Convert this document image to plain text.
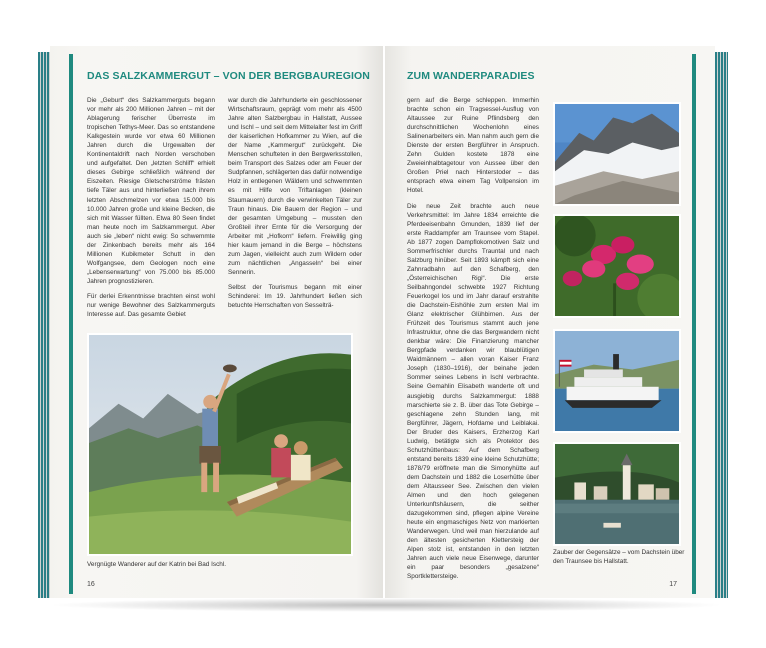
DAS SALZKAMMERGUT – VON DER BERGBAUREGION

Die „Geburt“ des Salzkammerguts begann vor mehr als 200 Millionen Jahren – mit der Ablagerung ferischer Überreste im tropischen Tethys-Meer. Das so entstandene Kalkgestein wurde vor etwa 60 Millionen Jahren durch die Urgewalten der Kontinentaldrift nach Norden verschoben und aufgefaltet. Den „letzten Schliff“ erhielt dieses Gebirge schließlich während der Eiszeiten. Riesige Gletscherströme frästen tiefe Täler aus und hinterließen nach ihrem letzten Abschmelzen vor etwa 15.000 bis 10.000 Jahren große und kleine Becken, die sich mit Wasser füllten. Etwa 80 Seen findet man heute noch im Salzkammergut. Aber auch sie „leben“ nicht ewig: So schwemmte der Zinkenbach bereits mehr als 164 Millionen Kubikmeter Schutt in den Wolfgangsee, dem Geologen noch eine „Lebenserwartung“ von 75.000 bis 85.000 Jahren prognostizieren.

Für derlei Erkenntnisse brachten einst wohl nur wenige Bewohner des Salzkammerguts Interesse auf. Das gesamte Gebiet

war durch die Jahrhunderte ein geschlossener Wirtschaftsraum, geprägt vom mehr als 4500 Jahre alten Salzbergbau in Hallstatt, Aussee und Ischl – und seit dem Mittelalter fest im Griff der kaiserlichen Hofkammer zu Wien, auf die der Name „Kammergut“ zurückgeht. Die Menschen schufteten in den Bergwerksstollen, beim Transport des Salzes oder am Feuer der Sudpfannen, schlägerten das dafür notwendige Holz in entlegenen Wäldern und schwemmten es mit Hilfe von Triftanlagen (kleinen Staumauern) durch die verwinkelten Täler zur Traun hinaus. Die Bauern der Region – und der gesamten Umgebung – mussten den Großteil ihrer Ernte für die Versorgung der Arbeiter mit „Hofkorn“ liefern. Freiwillig ging hier kaum jemand in die Berge – höchstens zum Jagen, vielleicht auch zum Wildern oder zum nächtlichen „Angasseln“ bei einer Sennerin.

Selbst der Tourismus begann mit einer Schinderei: Im 19. Jahrhundert ließen sich betuchte Herrschaften von Sesselträ-

Vergnügte Wanderer auf der Katrin bei Bad Ischl.
16
ZUM WANDERPARADIES

gern auf die Berge schleppen. Immerhin brachte schon ein Tragsessel-Ausflug von Altaussee zur Ruine Pflindsberg den durchschnittlichen Wochenlohn eines Salinenarbeiters ein. Man nahm auch gern die Dienste der ersten Bergführer in Anspruch. Zehn Gulden kostete 1878 eine Zweieinhalbtagetour von Aussee über den Großen Priel nach Hinterstoder – das entsprach etwa einem Tag Vollpension im Hotel.

Die neue Zeit brachte auch neue Verkehrsmittel: Im Jahre 1834 erreichte die Pferdeeisenbahn Gmunden, 1839 lief der erste Raddampfer am Traunsee vom Stapel. Ab 1877 zogen Dampflokomotiven Salz und Sommerfrischler durchs Trauntal und nach Salzburg hinüber. Seit 1893 kämpft sich eine Zahnradbahn auf den Schafberg, den „Österreichischen Rigi“. Die erste Seilbahngondel schwebte 1927 Richtung Feuerkogel los und im Jahr darauf erstrahlte die Dachstein-Eishöhle zum ersten Mal im Glanz elektrischer Glühbirnen. Aus der Frühzeit des Tourismus stammt auch jene Infrastruktur, ohne die das Bergwandern nicht denkbar wäre: Die Finanzierung mancher Bergpfade verdanken wir blaublütigen Waidmännern – allen voran Kaiser Franz Joseph (1830–1916), der beinahe jeden Sommer seines Lebens in Ischl verbrachte. Seine Gemahlin Elisabeth wanderte oft und ausgiebig durchs Salzkammergut: 1888 marschierte sie z. B. über das Tote Gebirge – geschlagene zehn Stunden lang, mit Bergführer, Jägern, Hofdame und Leiblakai. Der Bruder des Kaisers, Erzherzog Karl Ludwig, betätigte sich als Protektor des Schutzhüttenbaus: Auf dem Schafberg entstand bereits 1839 eine kleine Schutzhütte; 1878/79 eröffnete man die Simonyhütte auf dem Dachstein und 1882 die Loserhütte über dem Altausseer See. Zwischen den vielen Almen und den hoch gelegenen Unterkunftshäusern, die seither dazugekommen sind, pflegen alpine Vereine heute ein engmaschiges Netz von markierten Wanderwegen. Und weil man hierzulande auf den ältesten gesicherten Klettersteig der Alpen stolz ist, entstanden in den letzten Jahren auch viele neue Eisenwege, darunter ein paar besonders „gesalzene“ Sportklettersteige.

Zauber der Gegensätze – vom Dachstein über den Traunsee bis Hallstatt.
17
